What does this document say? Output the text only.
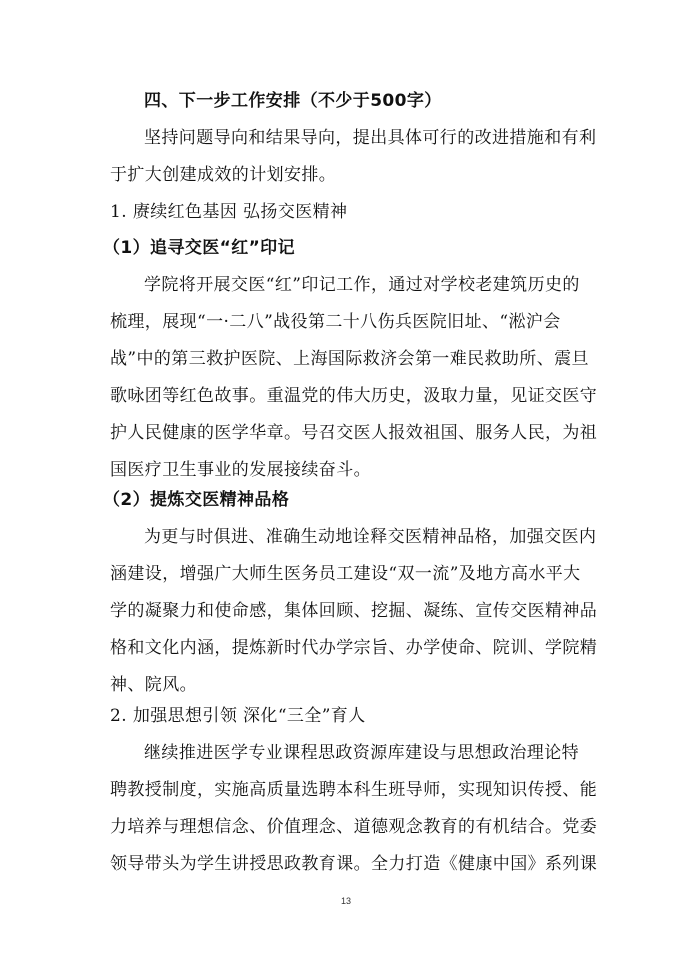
四、下一步工作安排（不少于500字）
坚持问题导向和结果导向，提出具体可行的改进措施和有利
于扩大创建成效的计划安排。
1. 赓续红色基因 弘扬交医精神
（1）追寻交医“红”印记
学院将开展交医“红”印记工作，通过对学校老建筑历史的
梳理，展现“一·二八”战役第二十八伤兵医院旧址、“淞沪会
战”中的第三救护医院、上海国际救济会第一难民救助所、震旦
歌咏团等红色故事。重温党的伟大历史，汲取力量，见证交医守
护人民健康的医学华章。号召交医人报效祖国、服务人民，为祖
国医疗卫生事业的发展接续奋斗。
（2）提炼交医精神品格
为更与时俱进、准确生动地诠释交医精神品格，加强交医内
涵建设，增强广大师生医务员工建设“双一流”及地方高水平大
学的凝聚力和使命感，集体回顾、挖掘、凝练、宣传交医精神品
格和文化内涵，提炼新时代办学宗旨、办学使命、院训、学院精
神、院风。
2. 加强思想引领 深化“三全”育人
继续推进医学专业课程思政资源库建设与思想政治理论特
聘教授制度，实施高质量选聘本科生班导师，实现知识传授、能
力培养与理想信念、价值理念、道德观念教育的有机结合。党委
领导带头为学生讲授思政教育课。全力打造《健康中国》系列课
13
